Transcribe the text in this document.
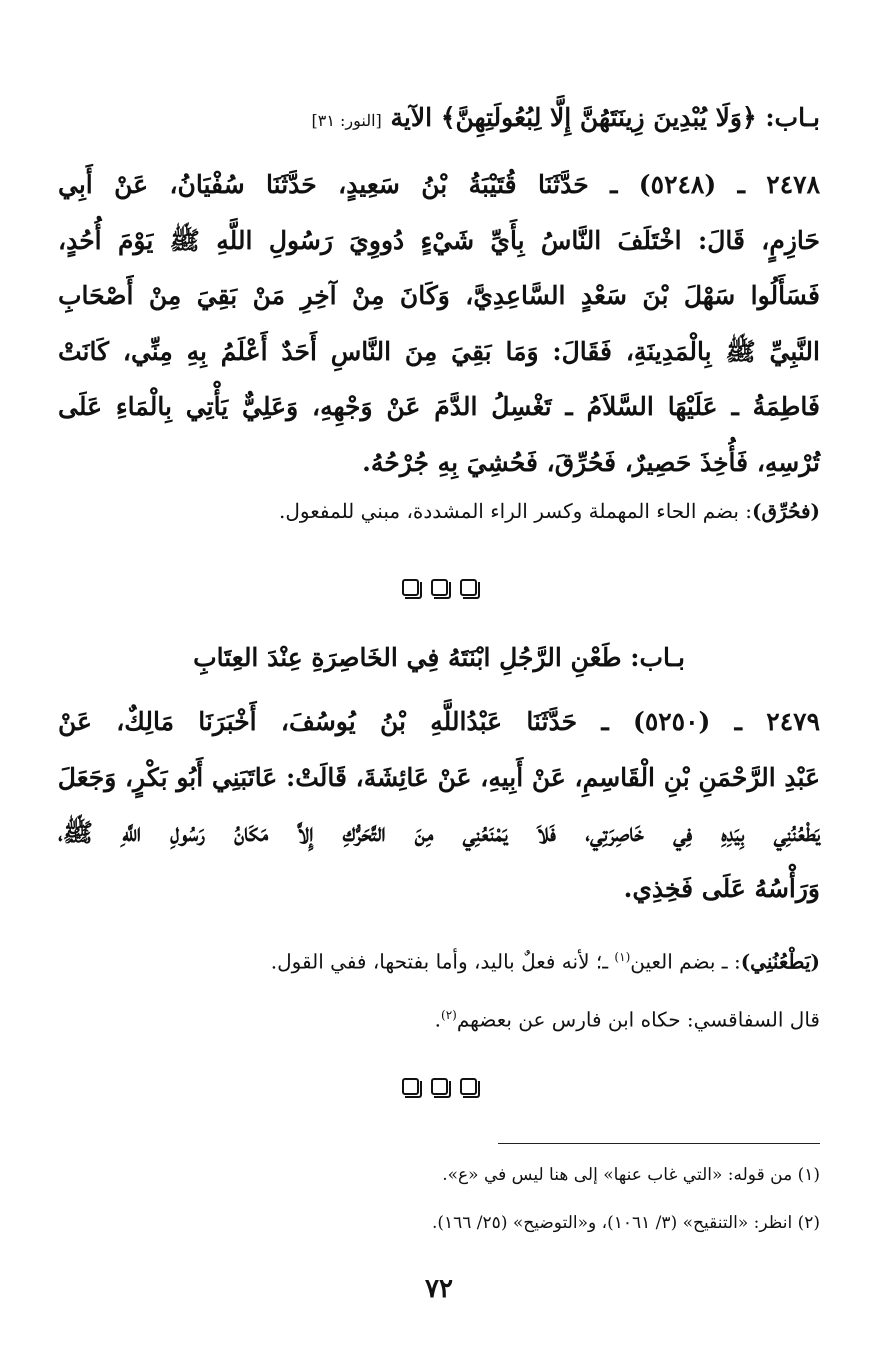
بـاب: ﴿وَلَا يُبْدِينَ زِينَتَهُنَّ إِلَّا لِبُعُولَتِهِنَّ﴾ الآية [النور: ٣١]
٢٤٧٨ ـ (٥٢٤٨) ـ حَدَّثَنَا قُتَيْبَةُ بْنُ سَعِيدٍ، حَدَّثَنَا سُفْيَانُ، عَنْ أَبِي
حَازِمٍ، قَالَ: اخْتَلَفَ النَّاسُ بِأَيِّ شَيْءٍ دُووِيَ رَسُولِ اللَّهِ ﷺ يَوْمَ أُحُدٍ،
فَسَأَلُوا سَهْلَ بْنَ سَعْدٍ السَّاعِدِيَّ، وَكَانَ مِنْ آخِرِ مَنْ بَقِيَ مِنْ أَصْحَابِ
النَّبِيِّ ﷺ بِالْمَدِينَةِ، فَقَالَ: وَمَا بَقِيَ مِنَ النَّاسِ أَحَدٌ أَعْلَمُ بِهِ مِنِّي، كَانَتْ
فَاطِمَةُ ـ عَلَيْهَا السَّلاَمُ ـ تَغْسِلُ الدَّمَ عَنْ وَجْهِهِ، وَعَلِيٌّ يَأْتِي بِالْمَاءِ عَلَى
تُرْسِهِ، فَأُخِذَ حَصِيرٌ، فَحُرِّقَ، فَحُشِيَ بِهِ جُرْحُهُ.
(فحُرِّق): بضم الحاء المهملة وكسر الراء المشددة، مبني للمفعول.
بـاب: طَعْنِ الرَّجُلِ ابْنَتَهُ فِي الخَاصِرَةِ عِنْدَ العِتَابِ
٢٤٧٩ ـ (٥٢٥٠) ـ حَدَّثَنَا عَبْدُاللَّهِ بْنُ يُوسُفَ، أَخْبَرَنَا مَالِكٌ، عَنْ
عَبْدِ الرَّحْمَنِ بْنِ الْقَاسِمِ، عَنْ أَبِيهِ، عَنْ عَائِشَةَ، قَالَتْ: عَاتَبَنِي أَبُو بَكْرٍ، وَجَعَلَ
يَطْعُنُنِي بِيَدِهِ فِي خَاصِرَتِي، فَلاَ يَمْنَعُنِي مِنَ التَّحَرُّكِ إِلاَّ مَكَانُ رَسُولِ اللَّهِ ﷺ،
وَرَأْسُهُ عَلَى فَخِذِي.
(يَطْعُنُنِي): ـ بضم العين$^{(١)}$ ـ؛ لأنه فعلٌ باليد، وأما بفتحها، ففي القول.
قال السفاقسي: حكاه ابن فارس عن بعضهم$^{(٢)}$.
(١) من قوله: «التي غاب عنها» إلى هنا ليس في «ع».
(٢) انظر: «التنقيح» (٣/ ١٠٦١)، و«التوضيح» (٢٥/ ١٦٦).
٧٢
